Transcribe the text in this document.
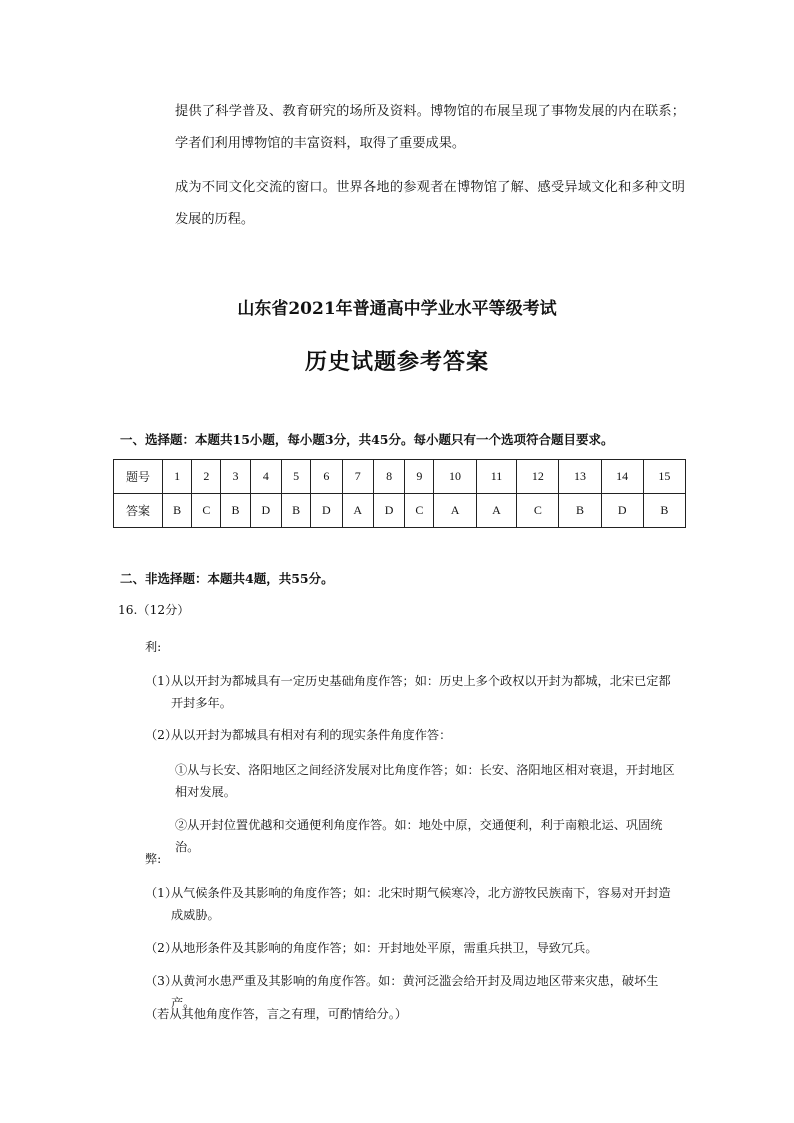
提供了科学普及、教育研究的场所及资料。博物馆的布展呈现了事物发展的内在联系；学者们利用博物馆的丰富资料，取得了重要成果。

成为不同文化交流的窗口。世界各地的参观者在博物馆了解、感受异域文化和多种文明发展的历程。

山东省2021年普通高中学业水平等级考试
历史试题参考答案

一、选择题：本题共15小题，每小题3分，共45分。每小题只有一个选项符合题目要求。

题号	1	2	3	4	5	6	7	8	9	10	11	12	13	14	15
答案	B	C	B	D	B	D	A	D	C	A	A	C	B	D	B

二、非选择题：本题共4题，共55分。

16.（12分）

利:

（1）从以开封为都城具有一定历史基础角度作答；如：历史上多个政权以开封为都城，北宋已定都开封多年。
（2）从以开封为都城具有相对有利的现实条件角度作答：

①从与长安、洛阳地区之间经济发展对比角度作答；如：长安、洛阳地区相对衰退，开封地区相对发展。

②从开封位置优越和交通便利角度作答。如：地处中原，交通便利，利于南粮北运、巩固统治。

弊:

（1）从气候条件及其影响的角度作答；如：北宋时期气候寒冷，北方游牧民族南下，容易对开封造成威胁。
（2）从地形条件及其影响的角度作答；如：开封地处平原，需重兵拱卫，导致冗兵。
（3）从黄河水患严重及其影响的角度作答。如：黄河泛滥会给开封及周边地区带来灾患，破坏生产。

（若从其他角度作答，言之有理，可酌情给分。）
